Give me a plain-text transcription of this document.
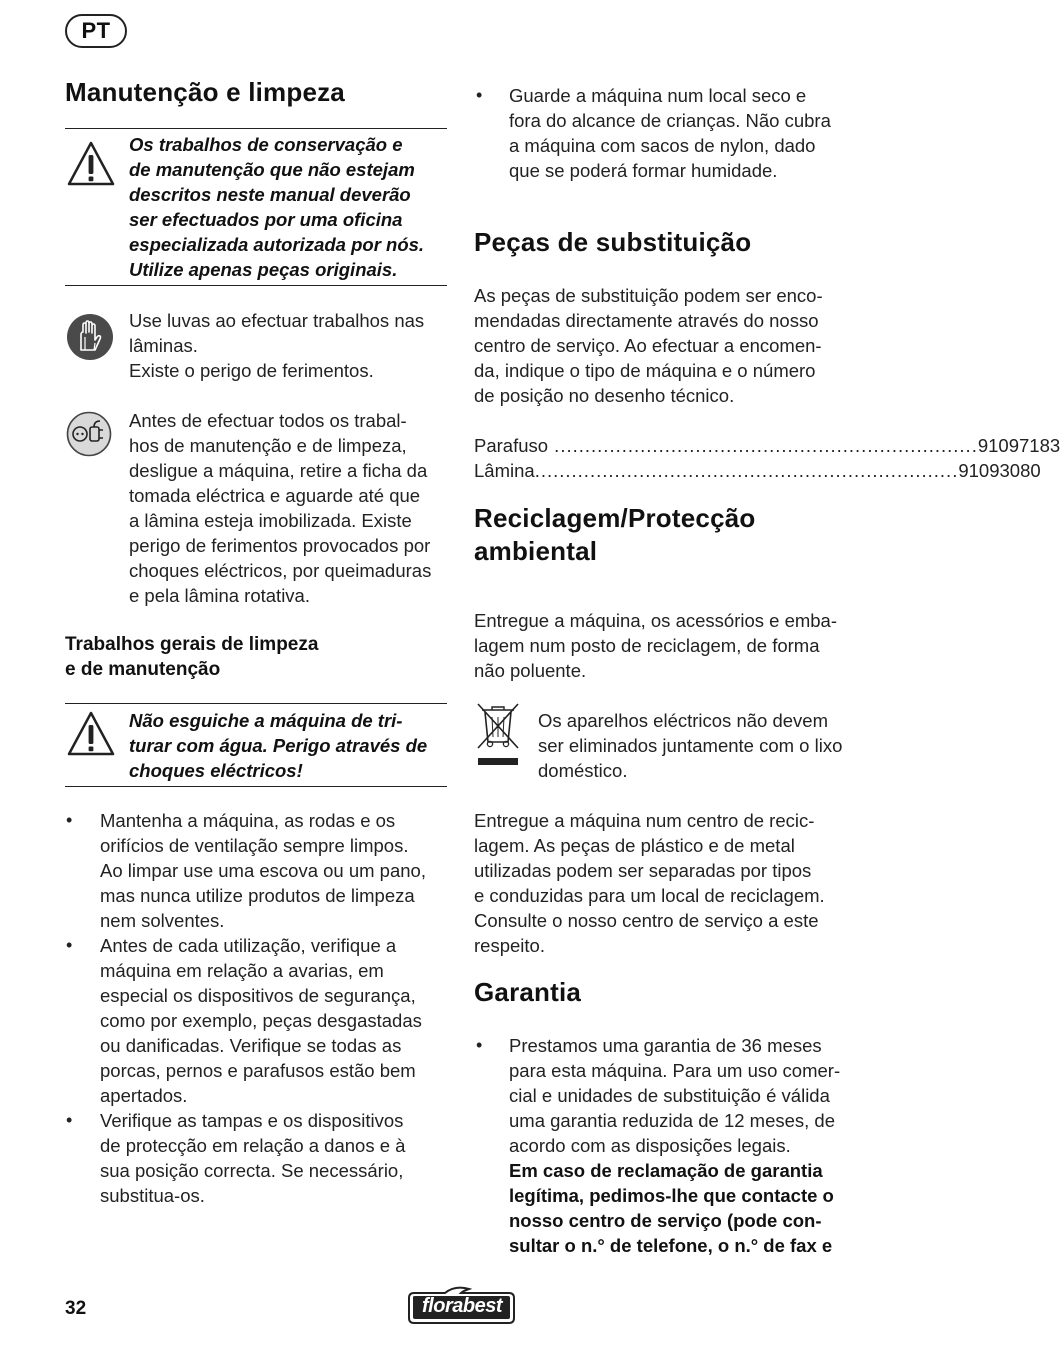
PT
Manutenção e limpeza
Os trabalhos de conservação e
de manutenção que não estejam
descritos neste manual deverão
ser efectuados por uma oficina
especializada autorizada por nós.
Utilize apenas peças originais.
Use luvas ao efectuar trabalhos nas
lâminas.
Existe o perigo de ferimentos.
Antes de efectuar todos os trabal-
hos de manutenção e de limpeza,
desligue a máquina, retire a ficha da
tomada eléctrica e aguarde até que
a lâmina esteja imobilizada. Existe
perigo de ferimentos provocados por
choques eléctricos, por queimaduras
e pela lâmina rotativa.
Trabalhos gerais de limpeza
e de manutenção
Não esguiche a máquina de tri-
turar com água. Perigo através de
choques eléctricos!
• Mantenha a máquina, as rodas e os
orifícios de ventilação sempre limpos.
Ao limpar use uma escova ou um pano,
mas nunca utilize produtos de limpeza
nem solventes.
• Antes de cada utilização, verifique a
máquina em relação a avarias, em
especial os dispositivos de segurança,
como por exemplo, peças desgastadas
ou danificadas. Verifique se todas as
porcas, pernos e parafusos estão bem
apertados.
• Verifique as tampas e os dispositivos
de protecção em relação a danos e à
sua posição correcta. Se necessário,
substitua-os.
• Guarde a máquina num local seco e
fora do alcance de crianças. Não cubra
a máquina com sacos de nylon, dado
que se poderá formar humidade.
Peças de substituição
As peças de substituição podem ser enco-
mendadas directamente através do nosso
centro de serviço. Ao efectuar a encomen-
da, indique o tipo de máquina e o número
de posição no desenho técnico.
Parafuso ..................................................................... 91097183
Lâmina ..................................................................... 91093080
Reciclagem/Protecção
ambiental
Entregue a máquina, os acessórios e emba-
lagem num posto de reciclagem, de forma
não poluente.
Os aparelhos eléctricos não devem
ser eliminados juntamente com o lixo
doméstico.
Entregue a máquina num centro de recic-
lagem. As peças de plástico e de metal
utilizadas podem ser separadas por tipos
e conduzidas para um local de reciclagem.
Consulte o nosso centro de serviço a este
respeito.
Garantia
• Prestamos uma garantia de 36 meses
para esta máquina. Para um uso comer-
cial e unidades de substituição é válida
uma garantia reduzida de 12 meses, de
acordo com as disposições legais.
Em caso de reclamação de garantia
legítima, pedimos-lhe que contacte o
nosso centro de serviço (pode con-
sultar o n.° de telefone, o n.° de fax e
32	florabest
